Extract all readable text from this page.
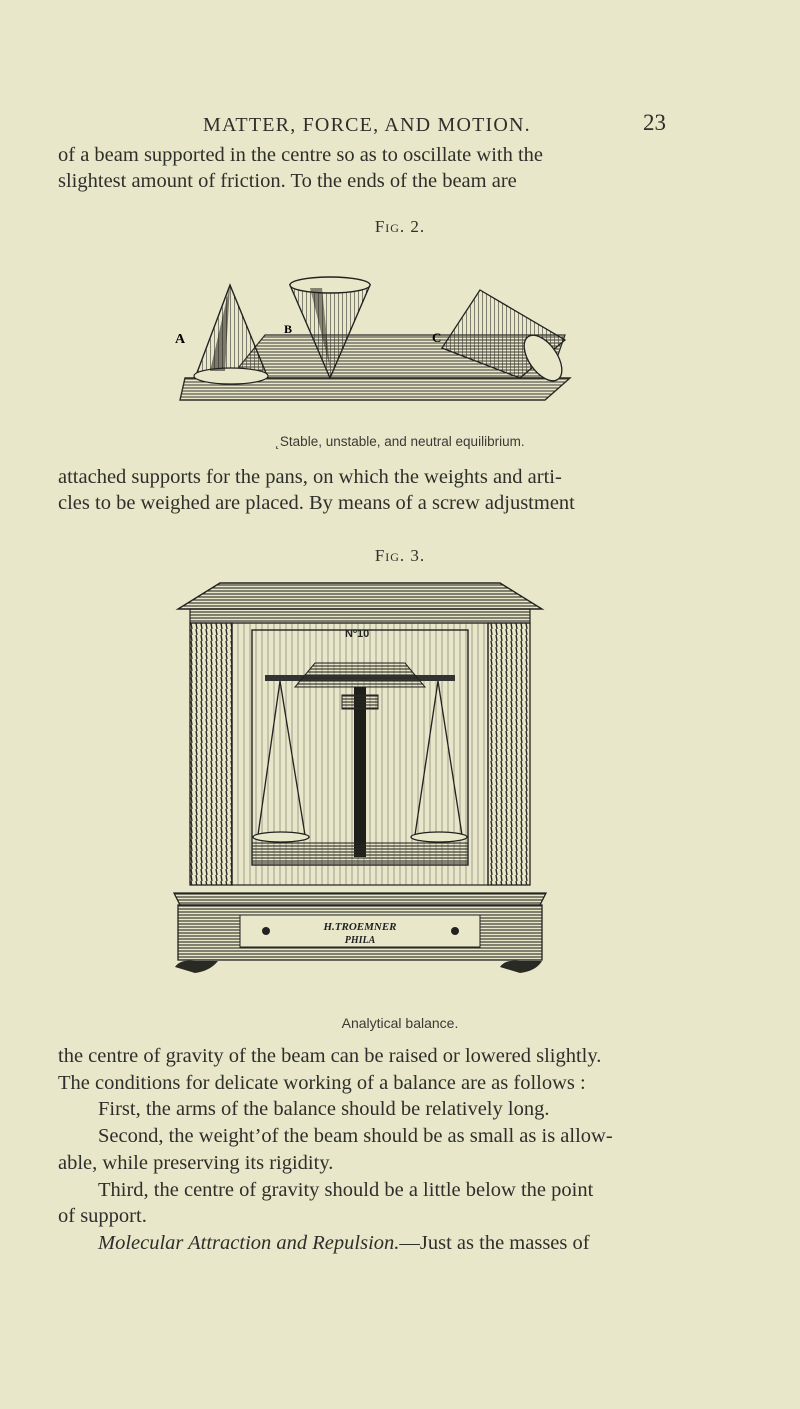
MATTER, FORCE, AND MOTION.	23

of a beam supported in the centre so as to oscillate with the

slightest amount of friction. To the ends of the beam are

Fig. 2.
A
B
C
˛Stable, unstable, and neutral equilibrium.

attached supports for the pans, on which the weights and arti-

cles to be weighed are placed. By means of a screw adjustment

Fig. 3.
Nº10
H.TROEMNER
PHILA
Analytical balance.

the centre of gravity of the beam can be raised or lowered slightly.

The conditions for delicate working of a balance are as follows :

First, the arms of the balance should be relatively long.

Second, the weight’of the beam should be as small as is allow-

able, while preserving its rigidity.

Third, the centre of gravity should be a little below the point

of support.

Molecular Attraction and Repulsion.—Just as the masses of
